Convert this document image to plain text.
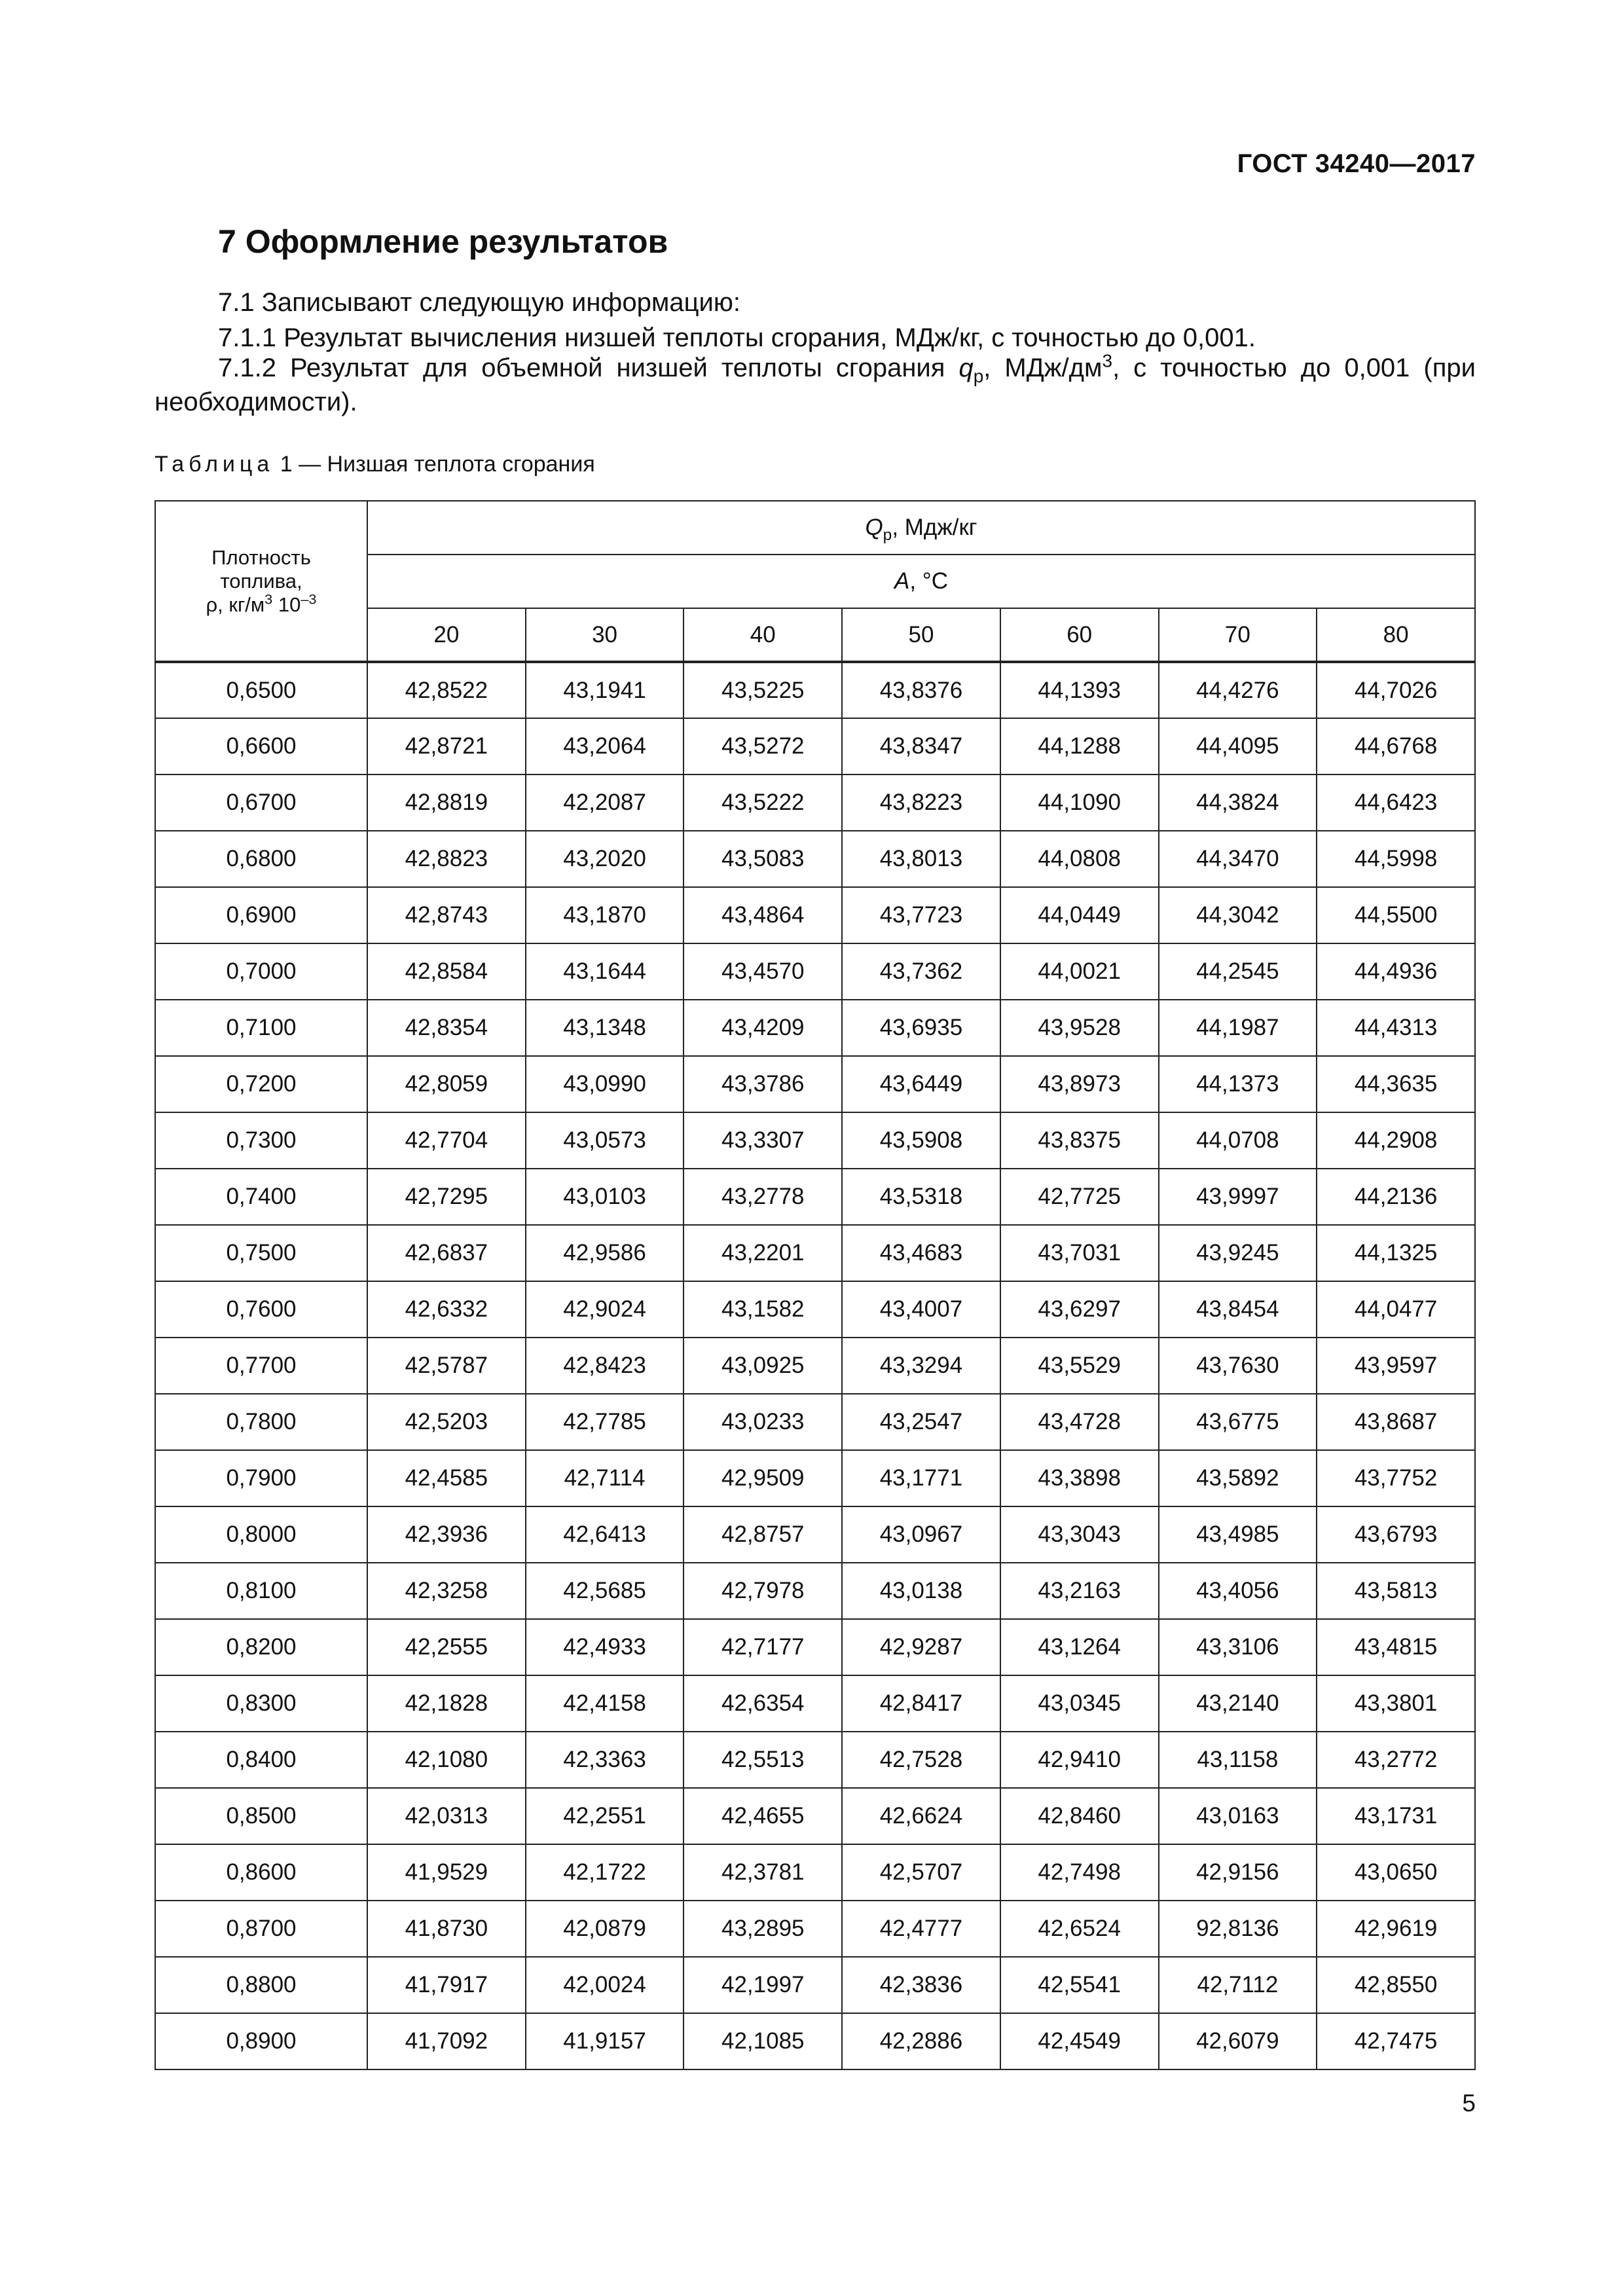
ГОСТ 34240—2017
7 Оформление результатов
7.1 Записывают следующую информацию:
7.1.1 Результат вычисления низшей теплоты сгорания, МДж/кг, с точностью до 0,001.
7.1.2 Результат для объемной низшей теплоты сгорания $q_p$, МДж/$дм^3$, с точностью до 0,001 (при необходимости).
Таблица 1 — Низшая теплота сгорания
Плотность
топлива,
ρ, $кг/м^3$ $10^{-3}$	$Q_p$, Мдж/кг						
	А, °С						
	20	30	40	50	60	70	80
0,6500	42,8522	43,1941	43,5225	43,8376	44,1393	44,4276	44,7026
0,6600	42,8721	43,2064	43,5272	43,8347	44,1288	44,4095	44,6768
0,6700	42,8819	42,2087	43,5222	43,8223	44,1090	44,3824	44,6423
0,6800	42,8823	43,2020	43,5083	43,8013	44,0808	44,3470	44,5998
0,6900	42,8743	43,1870	43,4864	43,7723	44,0449	44,3042	44,5500
0,7000	42,8584	43,1644	43,4570	43,7362	44,0021	44,2545	44,4936
0,7100	42,8354	43,1348	43,4209	43,6935	43,9528	44,1987	44,4313
0,7200	42,8059	43,0990	43,3786	43,6449	43,8973	44,1373	44,3635
0,7300	42,7704	43,0573	43,3307	43,5908	43,8375	44,0708	44,2908
0,7400	42,7295	43,0103	43,2778	43,5318	42,7725	43,9997	44,2136
0,7500	42,6837	42,9586	43,2201	43,4683	43,7031	43,9245	44,1325
0,7600	42,6332	42,9024	43,1582	43,4007	43,6297	43,8454	44,0477
0,7700	42,5787	42,8423	43,0925	43,3294	43,5529	43,7630	43,9597
0,7800	42,5203	42,7785	43,0233	43,2547	43,4728	43,6775	43,8687
0,7900	42,4585	42,7114	42,9509	43,1771	43,3898	43,5892	43,7752
0,8000	42,3936	42,6413	42,8757	43,0967	43,3043	43,4985	43,6793
0,8100	42,3258	42,5685	42,7978	43,0138	43,2163	43,4056	43,5813
0,8200	42,2555	42,4933	42,7177	42,9287	43,1264	43,3106	43,4815
0,8300	42,1828	42,4158	42,6354	42,8417	43,0345	43,2140	43,3801
0,8400	42,1080	42,3363	42,5513	42,7528	42,9410	43,1158	43,2772
0,8500	42,0313	42,2551	42,4655	42,6624	42,8460	43,0163	43,1731
0,8600	41,9529	42,1722	42,3781	42,5707	42,7498	42,9156	43,0650
0,8700	41,8730	42,0879	43,2895	42,4777	42,6524	92,8136	42,9619
0,8800	41,7917	42,0024	42,1997	42,3836	42,5541	42,7112	42,8550
0,8900	41,7092	41,9157	42,1085	42,2886	42,4549	42,6079	42,7475
5
